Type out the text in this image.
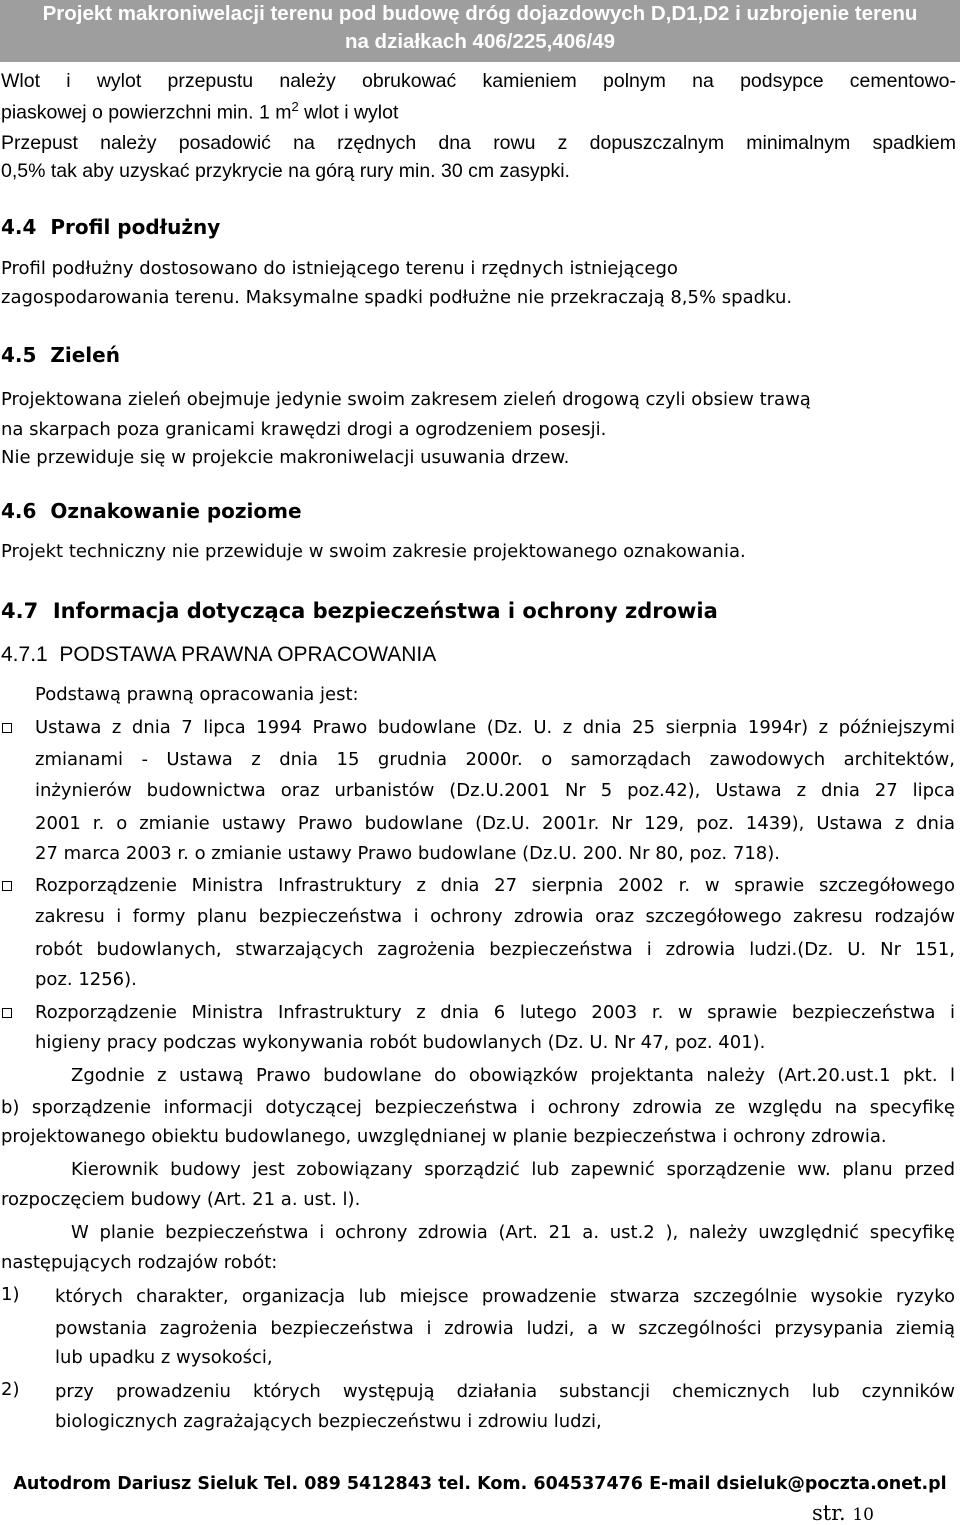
Projekt makroniwelacji terenu pod budowę dróg dojazdowych D,D1,D2 i uzbrojenie terenu
na działkach 406/225,406/49
Wlot i wylot przepustu należy obrukować kamieniem polnym na podsypce cementowo-
piaskowej o powierzchni min. 1 $m^2$ wlot i wylot
Przepust należy posadowić na rzędnych dna rowu z dopuszczalnym minimalnym spadkiem
0,5% tak aby uzyskać przykrycie na górą rury min. 30 cm zasypki.
4.4 Profil podłużny
Profil podłużny dostosowano do istniejącego terenu i rzędnych istniejącego
zagospodarowania terenu. Maksymalne spadki podłużne nie przekraczają 8,5% spadku.
4.5 Zieleń
Projektowana zieleń obejmuje jedynie swoim zakresem zieleń drogową czyli obsiew trawą
na skarpach poza granicami krawędzi drogi a ogrodzeniem posesji.
Nie przewiduje się w projekcie makroniwelacji usuwania drzew.
4.6 Oznakowanie poziome
Projekt techniczny nie przewiduje w swoim zakresie projektowanego oznakowania.
4.7 Informacja dotycząca bezpieczeństwa i ochrony zdrowia
4.7.1 PODSTAWA PRAWNA OPRACOWANIA
Podstawą prawną opracowania jest:
Ustawa z dnia 7 lipca 1994 Prawo budowlane (Dz. U. z dnia 25 sierpnia 1994r) z późniejszymi
zmianami - Ustawa z dnia 15 grudnia 2000r. o samorządach zawodowych architektów,
inżynierów budownictwa oraz urbanistów (Dz.U.2001 Nr 5 poz.42), Ustawa z dnia 27 lipca
2001 r. o zmianie ustawy Prawo budowlane (Dz.U. 2001r. Nr 129, poz. 1439), Ustawa z dnia
27 marca 2003 r. o zmianie ustawy Prawo budowlane (Dz.U. 200. Nr 80, poz. 718).
Rozporządzenie Ministra Infrastruktury z dnia 27 sierpnia 2002 r. w sprawie szczegółowego
zakresu i formy planu bezpieczeństwa i ochrony zdrowia oraz szczegółowego zakresu rodzajów
robót budowlanych, stwarzających zagrożenia bezpieczeństwa i zdrowia ludzi.(Dz. U. Nr 151,
poz. 1256).
Rozporządzenie Ministra Infrastruktury z dnia 6 lutego 2003 r. w sprawie bezpieczeństwa i
higieny pracy podczas wykonywania robót budowlanych (Dz. U. Nr 47, poz. 401).
Zgodnie z ustawą Prawo budowlane do obowiązków projektanta należy (Art.20.ust.1 pkt. l
b) sporządzenie informacji dotyczącej bezpieczeństwa i ochrony zdrowia ze względu na specyfikę
projektowanego obiektu budowlanego, uwzględnianej w planie bezpieczeństwa i ochrony zdrowia.
Kierownik budowy jest zobowiązany sporządzić lub zapewnić sporządzenie ww. planu przed
rozpoczęciem budowy (Art. 21 a. ust. l).
W planie bezpieczeństwa i ochrony zdrowia (Art. 21 a. ust.2 ), należy uwzględnić specyfikę
następujących rodzajów robót:
1) których charakter, organizacja lub miejsce prowadzenie stwarza szczególnie wysokie ryzyko
powstania zagrożenia bezpieczeństwa i zdrowia ludzi, a w szczególności przysypania ziemią
lub upadku z wysokości,
2) przy prowadzeniu których występują działania substancji chemicznych lub czynników
biologicznych zagrażających bezpieczeństwu i zdrowiu ludzi,
Autodrom Dariusz Sieluk Tel. 089 5412843 tel. Kom. 604537476 E-mail dsieluk@poczta.onet.pl
str. 10
